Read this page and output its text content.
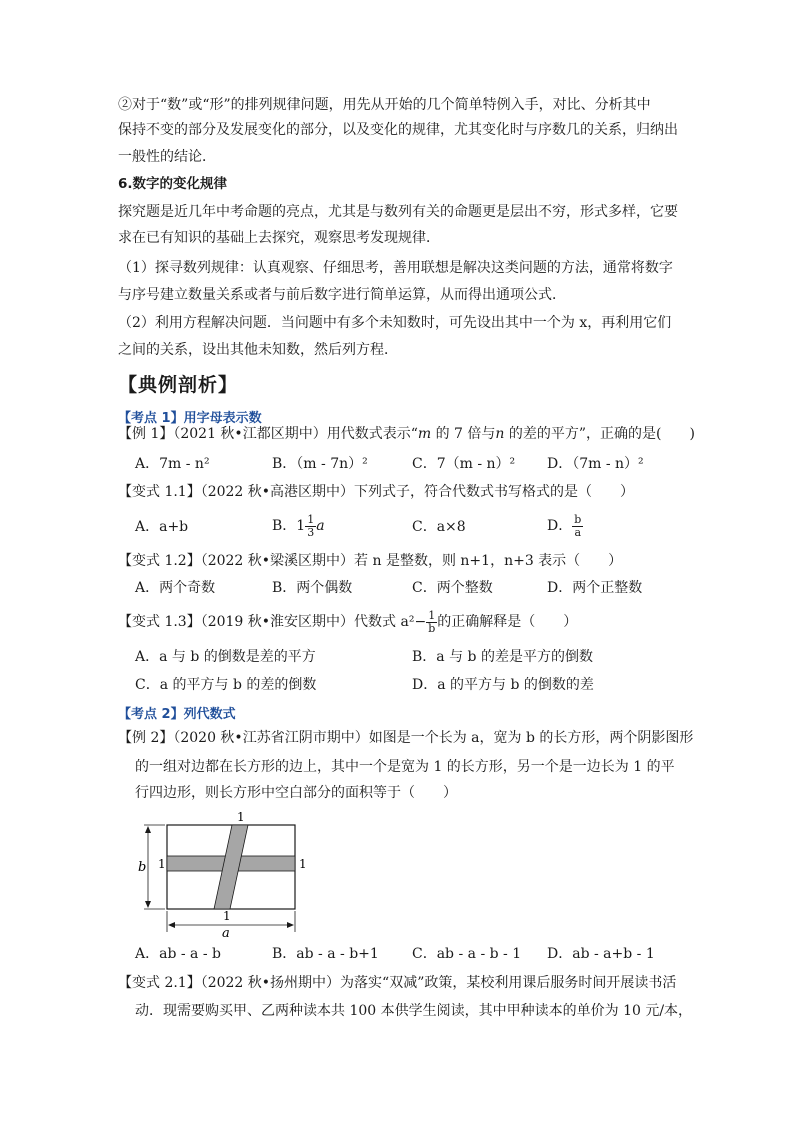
②对于“数”或“形”的排列规律问题，用先从开始的几个简单特例入手，对比、分析其中
保持不变的部分及发展变化的部分，以及变化的规律，尤其变化时与序数几的关系，归纳出
一般性的结论．
6.数字的变化规律
探究题是近几年中考命题的亮点，尤其是与数列有关的命题更是层出不穷，形式多样，它要
求在已有知识的基础上去探究，观察思考发现规律．
（1）探寻数列规律：认真观察、仔细思考，善用联想是解决这类问题的方法，通常将数字
与序号建立数量关系或者与前后数字进行简单运算，从而得出通项公式．
（2）利用方程解决问题．当问题中有多个未知数时，可先设出其中一个为 x，再利用它们
之间的关系，设出其他未知数，然后列方程．
【典例剖析】
【考点 1】用字母表示数
【例 1】（2021 秋•江都区期中）用代数式表示“m 的 7 倍与n 的差的平方”，正确的是(　　)
A．7m - n²	B．（m - 7n）²	C．7（m - n）² D．（7m - n）²
【变式 1.1】（2022 秋•高港区期中）下列式子，符合代数式书写格式的是（　　）
A．a+b	B．$1 \frac{1}{3}$ a	C．a×8	D． $\frac{b}{a}$
【变式 1.2】（2022 秋•梁溪区期中）若 n 是整数，则 n+1，n+3 表示（　　）
A．两个奇数	B．两个偶数	C．两个整数	D．两个正整数
【变式 1.3】（2019 秋•淮安区期中）代数式 $a^2- \frac{1}{b}$ 的正确解释是（　　）
A．a 与 b 的倒数是差的平方	B．a 与 b 的差是平方的倒数
C．a 的平方与 b 的差的倒数	D．a 的平方与 b 的倒数的差
【考点 2】列代数式
【例 2】（2020 秋•江苏省江阴市期中）如图是一个长为 a，宽为 b 的长方形，两个阴影图形
的一组对边都在长方形的边上，其中一个是宽为 1 的长方形，另一个是一边长为 1 的平
行四边形，则长方形中空白部分的面积等于（　　）
1
b 1	1
1
a
A．ab - a - b	B．ab - a - b+1 C．ab - a - b - 1 D．ab - a+b - 1
【变式 2.1】（2022 秋•扬州期中）为落实“双减”政策，某校利用课后服务时间开展读书活
动．现需要购买甲、乙两种读本共 100 本供学生阅读，其中甲种读本的单价为 10 元/本，
